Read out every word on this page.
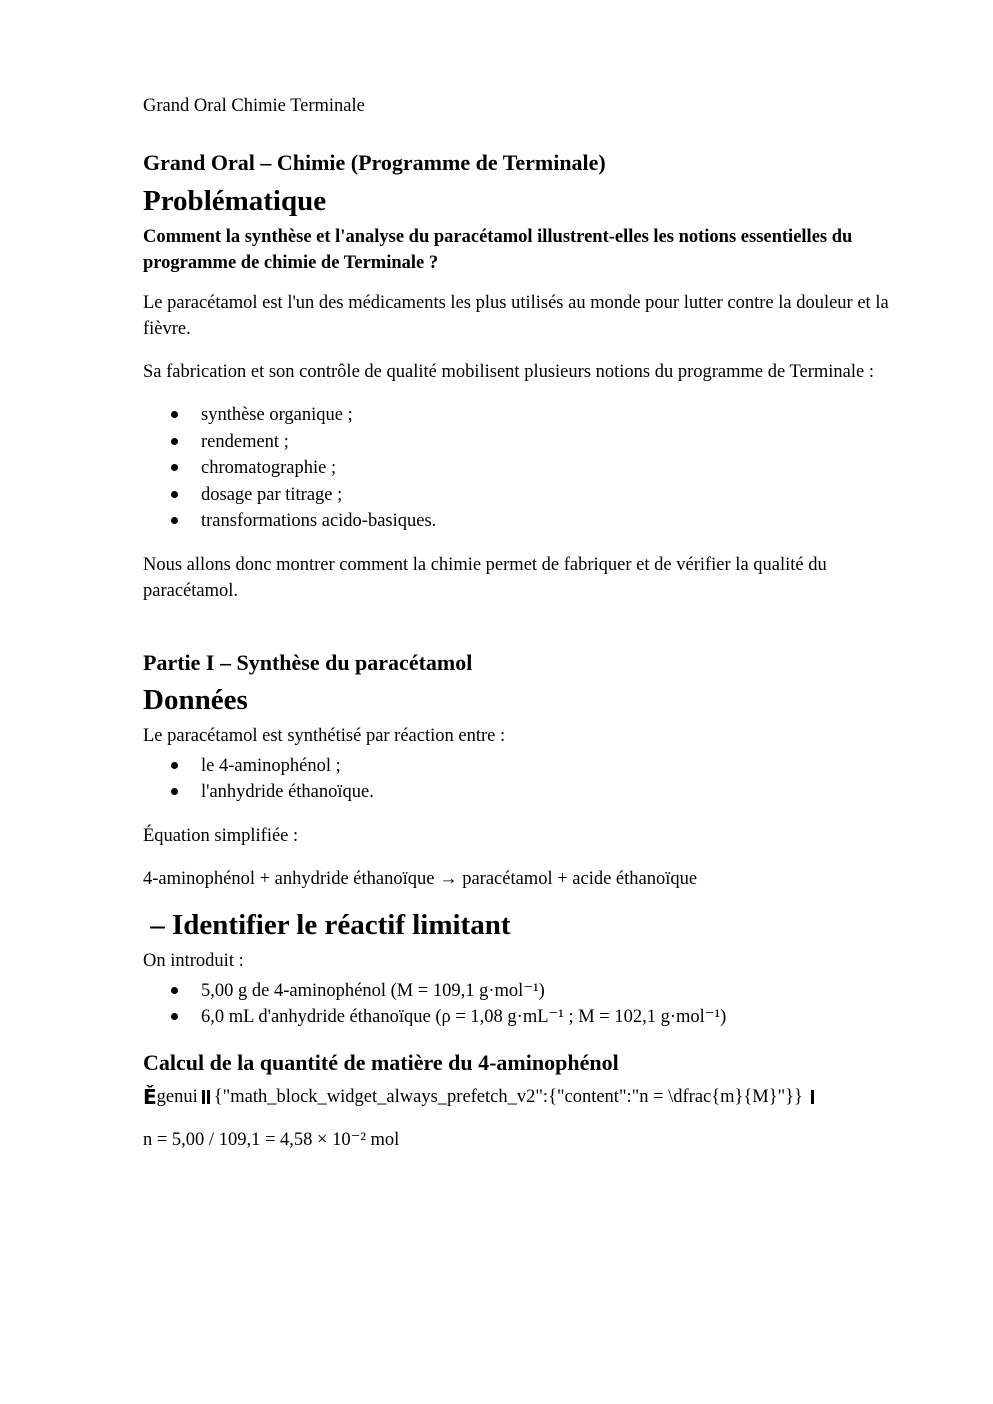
Grand Oral Chimie Terminale
Grand Oral – Chimie (Programme de Terminale)
Problématique

Comment la synthèse et l'analyse du paracétamol illustrent-elles les notions essentielles du programme de chimie de Terminale ?

Le paracétamol est l'un des médicaments les plus utilisés au monde pour lutter contre la douleur et la fièvre.

Sa fabrication et son contrôle de qualité mobilisent plusieurs notions du programme de Terminale :

synthèse organique ;
rendement ;
chromatographie ;
dosage par titrage ;
transformations acido-basiques.

Nous allons donc montrer comment la chimie permet de fabriquer et de vérifier la qualité du paracétamol.

Partie I – Synthèse du paracétamol
Données

Le paracétamol est synthétisé par réaction entre :

le 4-aminophénol ;
l'anhydride éthanoïque.

Équation simplifiée :

4-aminophénol + anhydride éthanoïque → paracétamol + acide éthanoïque

– Identifier le réactif limitant

On introduit :

5,00 g de 4-aminophénol (M = 109,1 g·mol⁻¹)
6,0 mL d'anhydride éthanoïque (ρ = 1,08 g·mL⁻¹ ; M = 102,1 g·mol⁻¹)
Calcul de la quantité de matière du 4-aminophénol
Ě genui {"math_block_widget_always_prefetch_v2":{"content":"n = \dfrac{m}{M}"}}

n = 5,00 / 109,1 = 4,58 × 10⁻² mol
